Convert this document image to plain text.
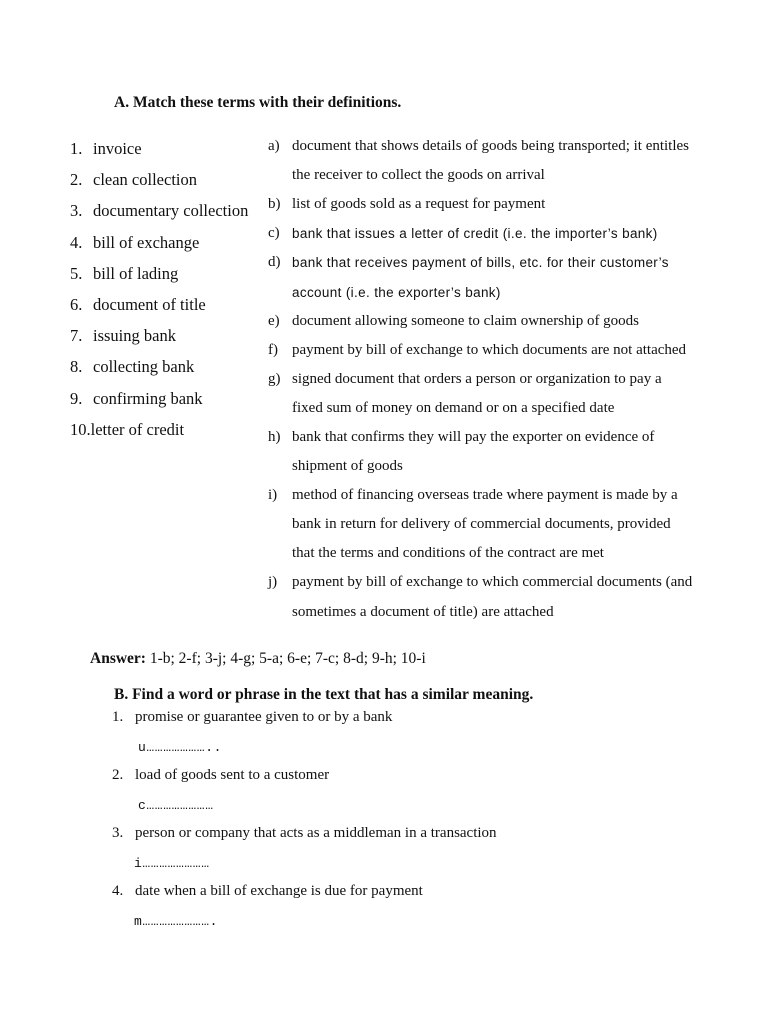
A. Match these terms with their definitions.
1. invoice
2. clean collection
3. documentary collection
4. bill of exchange
5. bill of lading
6. document of title
7. issuing bank
8. collecting bank
9. confirming bank
10. letter of credit
a) document that shows details of goods being transported; it entitles
the receiver to collect the goods on arrival
b) list of goods sold as a request for payment
c) bank that issues a letter of credit (i.e. the importer’s bank)
d) bank that receives payment of bills, etc. for their customer’s
account (i.e. the exporter’s bank)
e) document allowing someone to claim ownership of goods
f) payment by bill of exchange to which documents are not attached
g) signed document that orders a person or organization to pay a
fixed sum of money on demand or on a specified date
h) bank that confirms they will pay the exporter on evidence of
shipment of goods
i) method of financing overseas trade where payment is made by a
bank in return for delivery of commercial documents, provided
that the terms and conditions of the contract are met
j) payment by bill of exchange to which commercial documents (and
sometimes a document of title) are attached
Answer: 1-b; 2-f; 3-j; 4-g; 5-a; 6-e; 7-c; 8-d; 9-h; 10-i
B. Find a word or phrase in the text that has a similar meaning.
1. promise or guarantee given to or by a bank
u…………………..
2. load of goods sent to a customer
c……………………
3. person or company that acts as a middleman in a transaction
i……………………
4. date when a bill of exchange is due for payment
m…………………….
